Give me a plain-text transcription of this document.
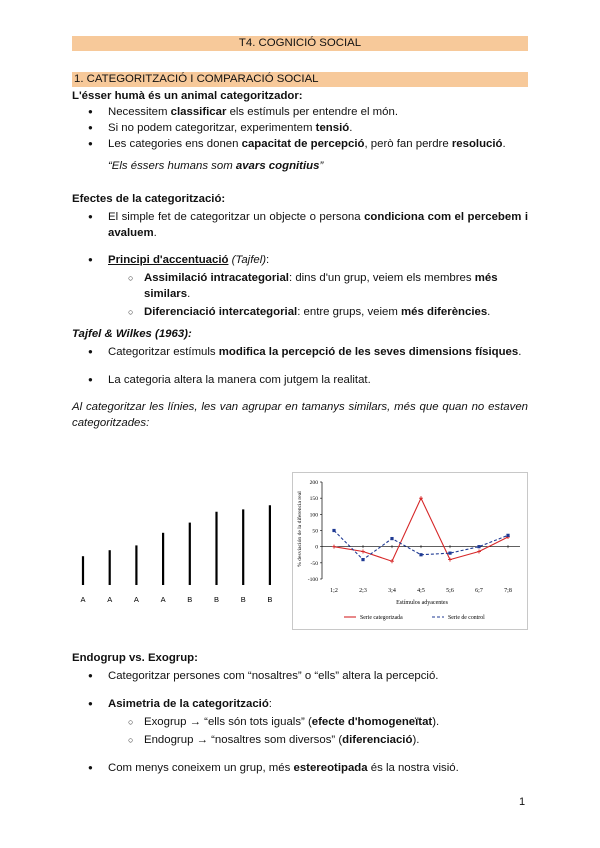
T4. COGNICIÓ SOCIAL
1. CATEGORITZACIÓ I COMPARACIÓ SOCIAL
L'ésser humà és un animal categoritzador:
● Necessitem classificar els estímuls per entendre el món.
● Si no podem categoritzar, experimentem tensió.
● Les categories ens donen capacitat de percepció, però fan perdre resolució.
“Els éssers humans som avars cognitius”
Efectes de la categorització:
● El simple fet de categoritzar un objecte o persona condiciona com el percebem i avaluem.
● Principi d'accentuació (Tajfel):
○ Assimilació intracategorial: dins d'un grup, veiem els membres més similars.
○ Diferenciació intercategorial: entre grups, veiem més diferències.
Tajfel & Wilkes (1963):
● Categoritzar estímuls modifica la percepció de les seves dimensions físiques.
● La categoria altera la manera com jutgem la realitat.
Al categoritzar les línies, les van agrupar en tamanys similars, més que quan no estaven categoritzades:
A	A	A	A	B	B	B	B
% desviación de la diferencia real
200
150
100
50
0
-50
-100
1;2	2;3	3;4	4;5	5;6	6;7	7;8
Estímulos adyacentes
Serie categorizada	Serie de control
Endogrup vs. Exogrup:
● Categoritzar persones com “nosaltres” o “ells” altera la percepció.
● Asimetria de la categorització:
○ Exogrup → “ells són tots iguals” (efecte d'homogeneïtat).
○ Endogrup → “nosaltres som diversos” (diferenciació).
● Com menys coneixem un grup, més estereotipada és la nostra visió.
1
